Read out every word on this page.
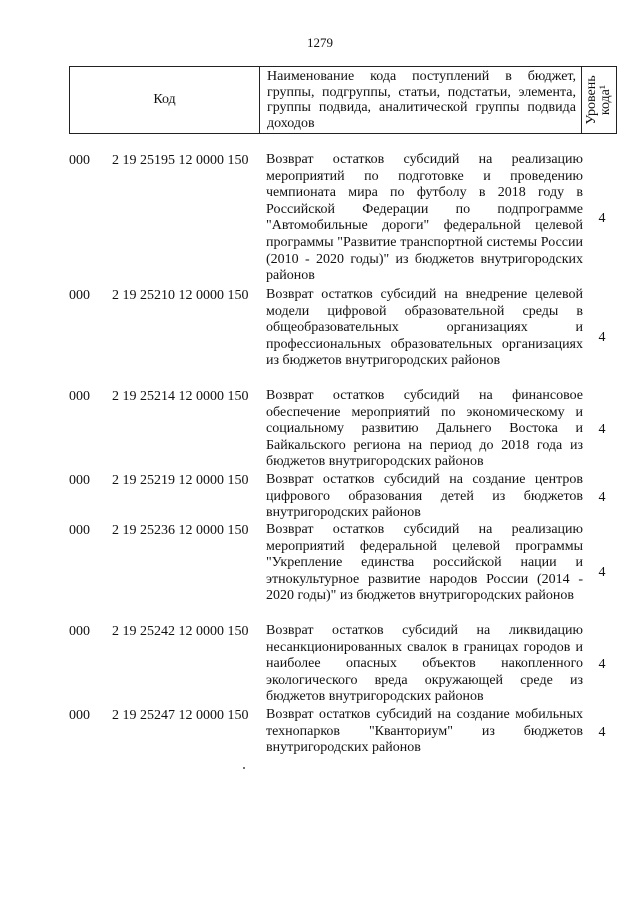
1279
Код
Наименование кода поступлений в бюджет, группы, подгруппы, статьи, подстатьи, элемента, группы подвида, аналитической группы подвида доходов	Уровень кода¹
000 2 19 25195 12 0000 150 Возврат остатков субсидий на реализацию мероприятий по подготовке и проведению чемпионата мира по футболу в 2018 году в Российской Федерации по подпрограмме "Автомобильные дороги" федеральной целевой программы "Развитие транспортной системы России (2010 - 2020 годы)" из бюджетов внутригородских районов
4
000 2 19 25210 12 0000 150 Возврат остатков субсидий на внедрение целевой модели цифровой образовательной среды в общеобразовательных организациях и профессиональных образовательных организациях из бюджетов внутригородских районов
4
000 2 19 25214 12 0000 150 Возврат остатков субсидий на финансовое обеспечение мероприятий по экономическому и социальному развитию Дальнего Востока и Байкальского региона на период до 2018 года из бюджетов внутригородских районов
4
000 2 19 25219 12 0000 150 Возврат остатков субсидий на создание центров цифрового образования детей из бюджетов внутригородских районов
4
000 2 19 25236 12 0000 150 Возврат остатков субсидий на реализацию мероприятий федеральной целевой программы "Укрепление единства российской нации и этнокультурное развитие народов России (2014 - 2020 годы)" из бюджетов внутригородских районов
4
000 2 19 25242 12 0000 150 Возврат остатков субсидий на ликвидацию несанкционированных свалок в границах городов и наиболее опасных объектов накопленного экологического вреда окружающей среде из бюджетов внутригородских районов
4
000 2 19 25247 12 0000 150 Возврат остатков субсидий на создание мобильных технопарков "Кванториум" из бюджетов внутригородских районов
4
